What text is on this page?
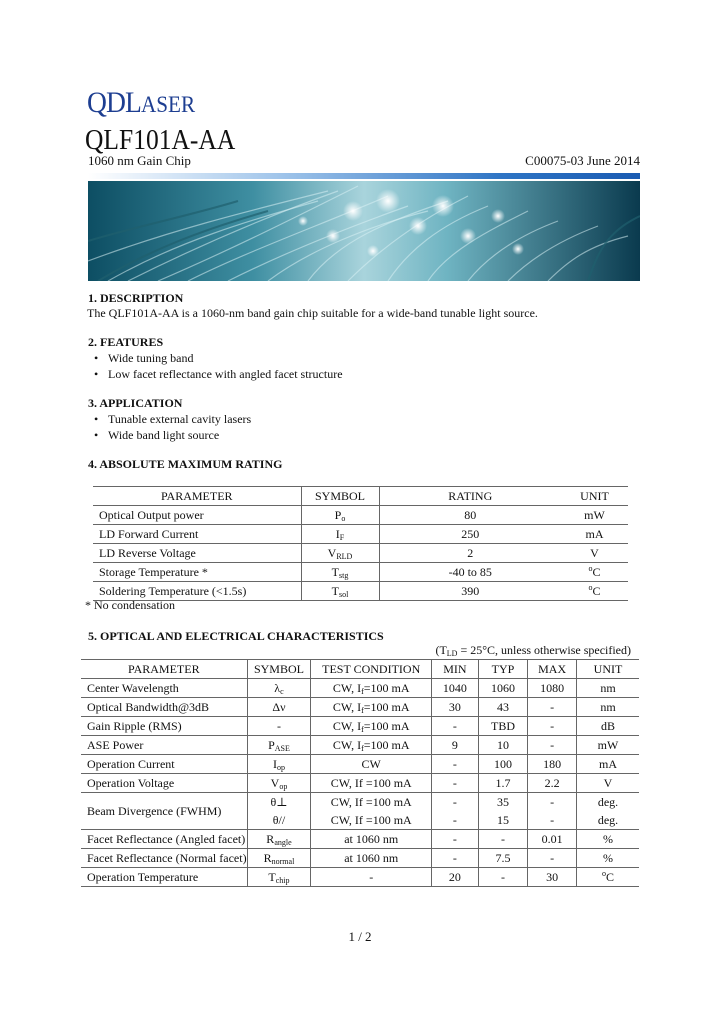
QDLASER
QLF101A-AA
1060 nm Gain Chip	C00075-03 June 2014
1. DESCRIPTION
The QLF101A-AA is a 1060-nm band gain chip suitable for a wide-band tunable light source.
2. FEATURES
• Wide tuning band
• Low facet reflectance with angled facet structure
3. APPLICATION
• Tunable external cavity lasers
• Wide band light source
4. ABSOLUTE MAXIMUM RATING
PARAMETER	SYMBOL	RATING	UNIT
Optical Output power	$P_o$	80	mW
LD Forward Current	$I_F$	250	mA
LD Reverse Voltage	$V_{RLD}$	2	V
Storage Temperature *	$T_{stg}$	-40 to 85	$^o$C
Soldering Temperature (<1.5s)	$T_{sol}$	390	$^o$C
* No condensation
5. OPTICAL AND ELECTRICAL CHARACTERISTICS
($T_{LD} = 25^\circ C$, unless otherwise specified)
PARAMETER	SYMBOL	TEST CONDITION	MIN	TYP	MAX	UNIT
Center Wavelength	$\lambda_c$	CW, $I_f=100$ mA	1040	1060	1080	nm
Optical Bandwidth@3dB	Δν	CW, $I_f=100$ mA	30	43	-	nm
Gain Ripple (RMS)	-	CW, $I_f=100$ mA	-	TBD	-	dB
ASE Power	$P_{ASE}$	CW, $I_f=100$ mA	9	10	-	mW
Operation Current	$I_{op}$	CW	-	100	180	mA
Operation Voltage	$V_{op}$	CW, If =100 mA	-	1.7	2.2	V
Beam Divergence (FWHM)	θ⊥	CW, If =100 mA	-	35	-	deg.
	θ//	CW, If =100 mA	-	15	-	deg.
Facet Reflectance (Angled facet)	$R_{angle}$	at 1060 nm	-	-	0.01	%
Facet Reflectance (Normal facet)	$R_{normal}$	at 1060 nm	-	7.5	-	%
Operation Temperature	$T_{chip}$	-	20	-	30	$^o$C
1 / 2
